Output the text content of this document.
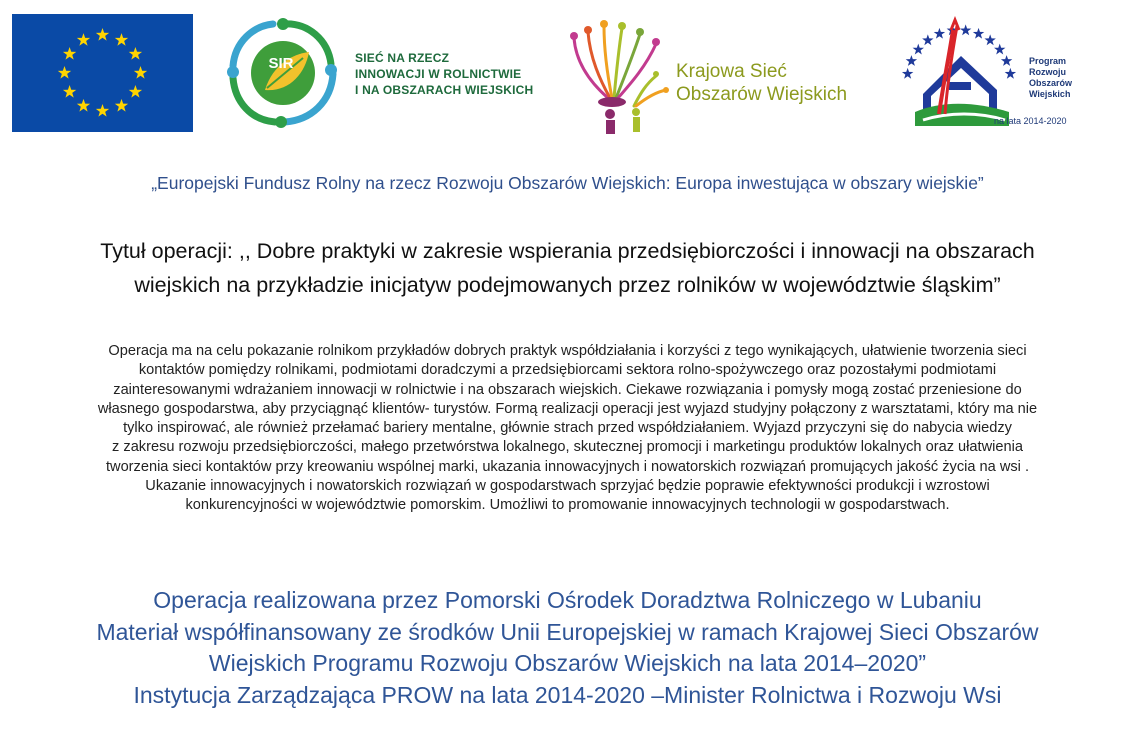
SIR	SIEĆ NA RZECZ
INNOWACJI W ROLNICTWIE
I NA OBSZARACH WIEJSKICH
Krajowa Sieć
Obszarów Wiejskich
Program
Rozwoju
Obszarów
Wiejskich
na lata 2014-2020
„Europejski Fundusz Rolny na rzecz Rozwoju Obszarów Wiejskich: Europa inwestująca w obszary wiejskie”
Tytuł operacji: ,, Dobre praktyki w zakresie wspierania przedsiębiorczości i innowacji na obszarach
wiejskich na przykładzie inicjatyw podejmowanych przez rolników w województwie śląskim”
Operacja ma na celu pokazanie rolnikom przykładów dobrych praktyk współdziałania i korzyści z tego wynikających, ułatwienie tworzenia sieci
kontaktów pomiędzy rolnikami, podmiotami doradczymi a przedsiębiorcami sektora rolno-spożywczego oraz pozostałymi podmiotami
zainteresowanymi wdrażaniem innowacji w rolnictwie i na obszarach wiejskich. Ciekawe rozwiązania i pomysły mogą zostać przeniesione do
własnego gospodarstwa, aby przyciągnąć klientów- turystów. Formą realizacji operacji jest wyjazd studyjny połączony z warsztatami, który ma nie
tylko inspirować, ale również przełamać bariery mentalne, głównie strach przed współdziałaniem. Wyjazd przyczyni się do nabycia wiedzy
z zakresu rozwoju przedsiębiorczości, małego przetwórstwa lokalnego, skutecznej promocji i marketingu produktów lokalnych oraz ułatwienia
tworzenia sieci kontaktów przy kreowaniu wspólnej marki, ukazania innowacyjnych i nowatorskich rozwiązań promujących jakość życia na wsi .
Ukazanie innowacyjnych i nowatorskich rozwiązań w gospodarstwach sprzyjać będzie poprawie efektywności produkcji i wzrostowi
konkurencyjności w województwie pomorskim. Umożliwi to promowanie innowacyjnych technologii w gospodarstwach.
Operacja realizowana przez Pomorski Ośrodek Doradztwa Rolniczego w Lubaniu
Materiał współfinansowany ze środków Unii Europejskiej w ramach Krajowej Sieci Obszarów
Wiejskich Programu Rozwoju Obszarów Wiejskich na lata 2014–2020”
Instytucja Zarządzająca PROW na lata 2014-2020 –Minister Rolnictwa i Rozwoju Wsi
